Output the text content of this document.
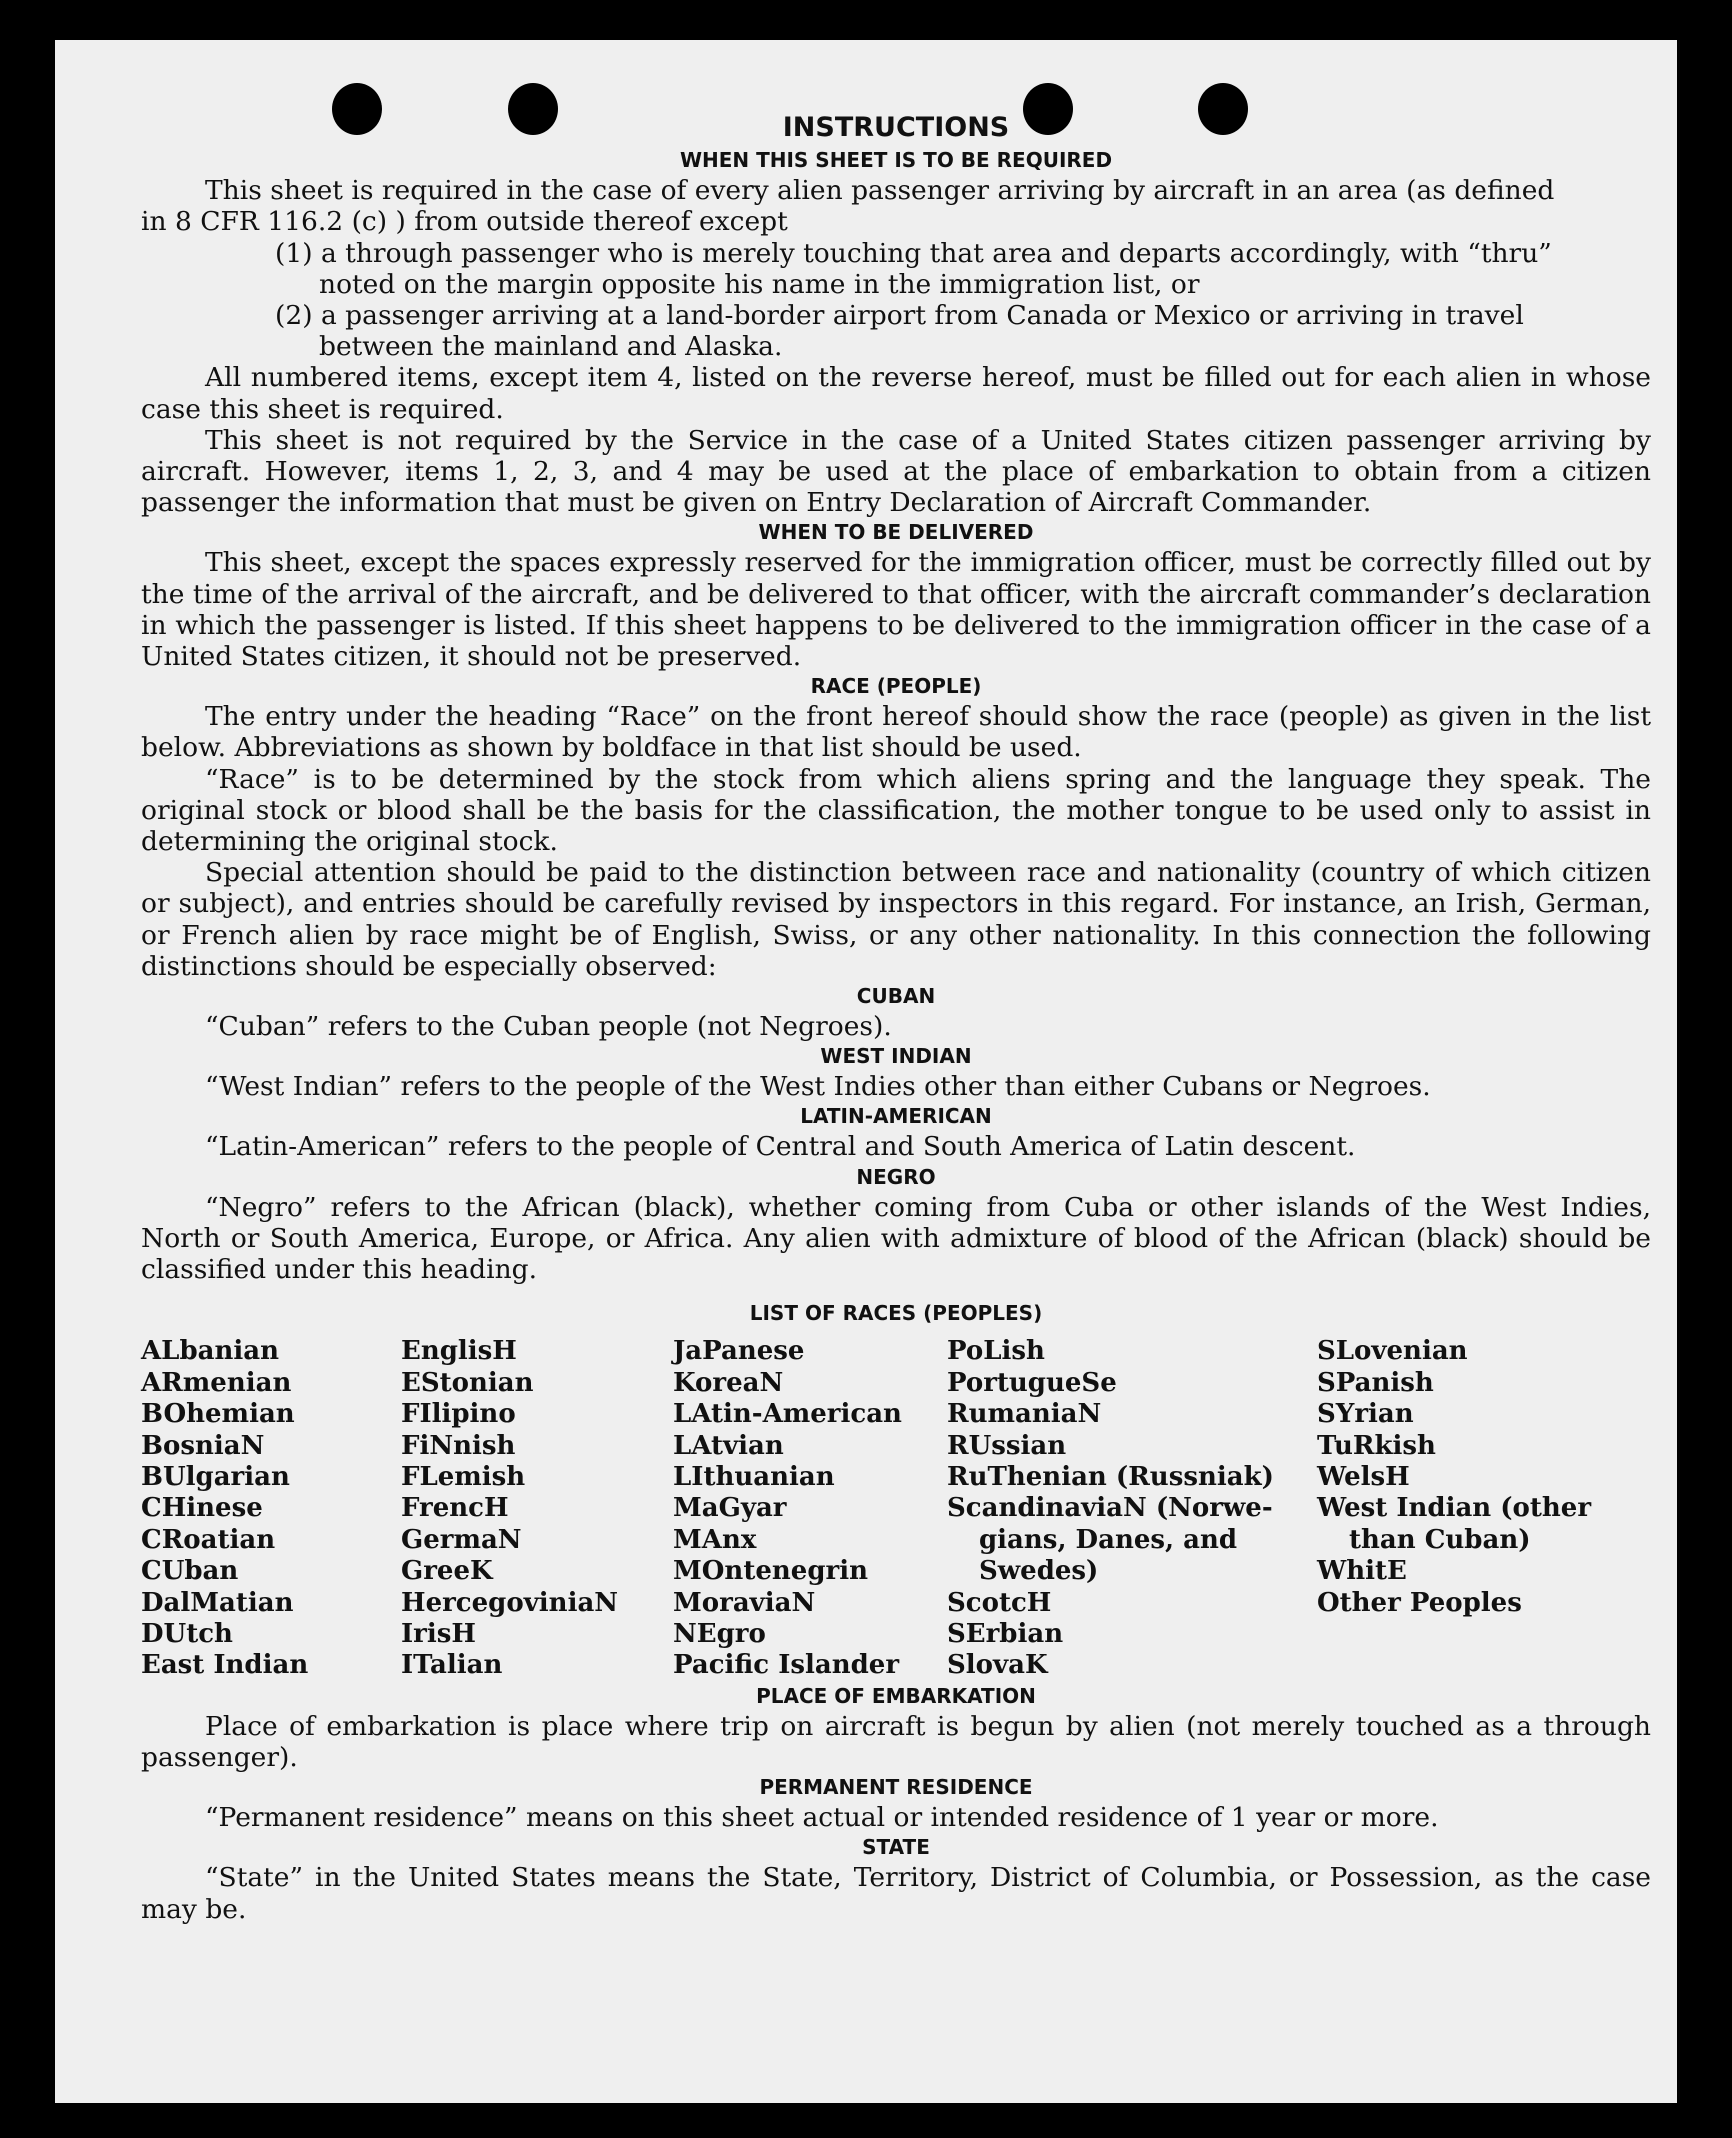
INSTRUCTIONS
WHEN THIS SHEET IS TO BE REQUIRED

This sheet is required in the case of every alien passenger arriving by aircraft in an area (as defined

in 8 CFR 116.2 (c) ) from outside thereof except

(1) a through passenger who is merely touching that area and departs accordingly, with “thru”
noted on the margin opposite his name in the immigration list, or

(2) a passenger arriving at a land-border airport from Canada or Mexico or arriving in travel
between the mainland and Alaska.

All numbered items, except item 4, listed on the reverse hereof, must be filled out for each alien in whose case this sheet is required.

This sheet is not required by the Service in the case of a United States citizen passenger arriving by aircraft. However, items 1, 2, 3, and 4 may be used at the place of embarkation to obtain from a citizen passenger the information that must be given on Entry Declaration of Aircraft Commander.

WHEN TO BE DELIVERED

This sheet, except the spaces expressly reserved for the immigration officer, must be correctly filled out by the time of the arrival of the aircraft, and be delivered to that officer, with the aircraft commander’s declaration in which the passenger is listed. If this sheet happens to be delivered to the immigration officer in the case of a United States citizen, it should not be preserved.

RACE (PEOPLE)

The entry under the heading “Race” on the front hereof should show the race (people) as given in the list below. Abbreviations as shown by boldface in that list should be used.

“Race” is to be determined by the stock from which aliens spring and the language they speak. The original stock or blood shall be the basis for the classification, the mother tongue to be used only to assist in determining the original stock.

Special attention should be paid to the distinction between race and nationality (country of which citizen or subject), and entries should be carefully revised by inspectors in this regard. For instance, an Irish, German, or French alien by race might be of English, Swiss, or any other nationality. In this connection the following distinctions should be especially observed:

CUBAN

“Cuban” refers to the Cuban people (not Negroes).

WEST INDIAN

“West Indian” refers to the people of the West Indies other than either Cubans or Negroes.

LATIN-AMERICAN

“Latin-American” refers to the people of Central and South America of Latin descent.

NEGRO

“Negro” refers to the African (black), whether coming from Cuba or other islands of the West Indies, North or South America, Europe, or Africa. Any alien with admixture of blood of the African (black) should be classified under this heading.

LIST OF RACES (PEOPLES)
ALbanian
ARmenian
BOhemian
BosniaN
BUlgarian
CHinese
CRoatian
CUban
DalMatian
DUtch
East Indian
EnglisH
EStonian
FIlipino
FiNnish
FLemish
FrencH
GermaN
GreeK
HercegoviniaN
IrisH
ITalian
JaPanese
KoreaN
LAtin-American
LAtvian
LIthuanian
MaGyar
MAnx
MOntenegrin
MoraviaN
NEgro
Pacific Islander
PoLish
PortugueSe
RumaniaN
RUssian
RuThenian (Russniak)
ScandinaviaN (Norwe-
gians, Danes, and
Swedes)
ScotcH
SErbian
SlovaK
SLovenian
SPanish
SYrian
TuRkish
WelsH
West Indian (other
than Cuban)
WhitE
Other Peoples
PLACE OF EMBARKATION

Place of embarkation is place where trip on aircraft is begun by alien (not merely touched as a through passenger).

PERMANENT RESIDENCE

“Permanent residence” means on this sheet actual or intended residence of 1 year or more.

STATE

“State” in the United States means the State, Territory, District of Columbia, or Possession, as the case may be.
